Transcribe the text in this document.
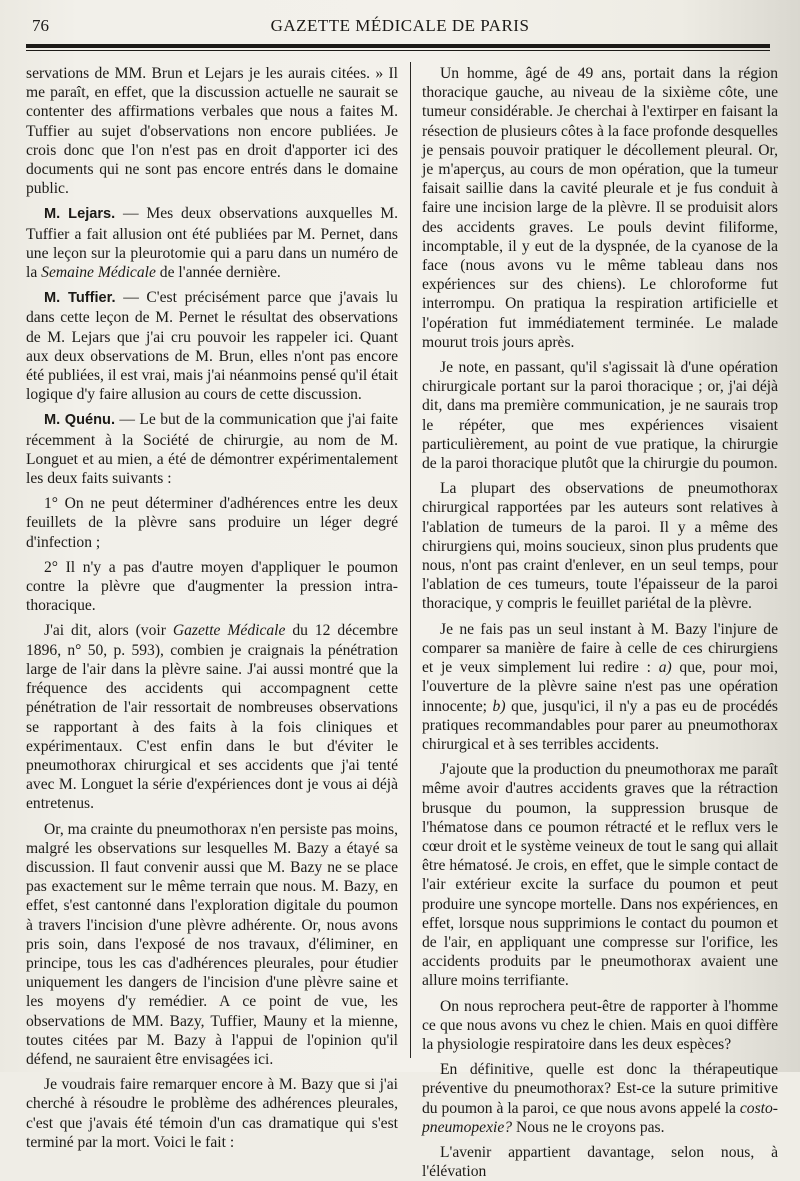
76	GAZETTE MÉDICALE DE PARIS

servations de MM. Brun et Lejars je les aurais citées. » Il me paraît, en effet, que la discussion actuelle ne saurait se contenter des affirmations verbales que nous a faites M. Tuffier au sujet d'observations non encore publiées. Je crois donc que l'on n'est pas en droit d'apporter ici des documents qui ne sont pas encore entrés dans le domaine public.

M. Lejars. — Mes deux observations auxquelles M. Tuffier a fait allusion ont été publiées par M. Pernet, dans une leçon sur la pleurotomie qui a paru dans un numéro de la Semaine Médicale de l'année dernière.

M. Tuffier. — C'est précisément parce que j'avais lu dans cette leçon de M. Pernet le résultat des observations de M. Lejars que j'ai cru pouvoir les rappeler ici. Quant aux deux observations de M. Brun, elles n'ont pas encore été publiées, il est vrai, mais j'ai néanmoins pensé qu'il était logique d'y faire allusion au cours de cette discussion.

M. Quénu. — Le but de la communication que j'ai faite récemment à la Société de chirurgie, au nom de M. Longuet et au mien, a été de démontrer expérimentalement les deux faits suivants :

1° On ne peut déterminer d'adhérences entre les deux feuillets de la plèvre sans produire un léger degré d'infection ;

2° Il n'y a pas d'autre moyen d'appliquer le poumon contre la plèvre que d'augmenter la pression intra-thoracique.

J'ai dit, alors (voir Gazette Médicale du 12 décembre 1896, n° 50, p. 593), combien je craignais la pénétration large de l'air dans la plèvre saine. J'ai aussi montré que la fréquence des accidents qui accompagnent cette pénétration de l'air ressortait de nombreuses observations se rapportant à des faits à la fois cliniques et expérimentaux. C'est enfin dans le but d'éviter le pneumothorax chirurgical et ses accidents que j'ai tenté avec M. Longuet la série d'expériences dont je vous ai déjà entretenus.

Or, ma crainte du pneumothorax n'en persiste pas moins, malgré les observations sur lesquelles M. Bazy a étayé sa discussion. Il faut convenir aussi que M. Bazy ne se place pas exactement sur le même terrain que nous. M. Bazy, en effet, s'est cantonné dans l'exploration digitale du poumon à travers l'incision d'une plèvre adhérente. Or, nous avons pris soin, dans l'exposé de nos travaux, d'éliminer, en principe, tous les cas d'adhérences pleurales, pour étudier uniquement les dangers de l'incision d'une plèvre saine et les moyens d'y remédier. A ce point de vue, les observations de MM. Bazy, Tuffier, Mauny et la mienne, toutes citées par M. Bazy à l'appui de l'opinion qu'il défend, ne sauraient être envisagées ici.

Je voudrais faire remarquer encore à M. Bazy que si j'ai cherché à résoudre le problème des adhérences pleurales, c'est que j'avais été témoin d'un cas dramatique qui s'est terminé par la mort. Voici le fait :

Un homme, âgé de 49 ans, portait dans la région thoracique gauche, au niveau de la sixième côte, une tumeur considérable. Je cherchai à l'extirper en faisant la résection de plusieurs côtes à la face profonde desquelles je pensais pouvoir pratiquer le décollement pleural. Or, je m'aperçus, au cours de mon opération, que la tumeur faisait saillie dans la cavité pleurale et je fus conduit à faire une incision large de la plèvre. Il se produisit alors des accidents graves. Le pouls devint filiforme, incomptable, il y eut de la dyspnée, de la cyanose de la face (nous avons vu le même tableau dans nos expériences sur des chiens). Le chloroforme fut interrompu. On pratiqua la respiration artificielle et l'opération fut immédiatement terminée. Le malade mourut trois jours après.

Je note, en passant, qu'il s'agissait là d'une opération chirurgicale portant sur la paroi thoracique ; or, j'ai déjà dit, dans ma première communication, je ne saurais trop le répéter, que mes expériences visaient particulièrement, au point de vue pratique, la chirurgie de la paroi thoracique plutôt que la chirurgie du poumon.

La plupart des observations de pneumothorax chirurgical rapportées par les auteurs sont relatives à l'ablation de tumeurs de la paroi. Il y a même des chirurgiens qui, moins soucieux, sinon plus prudents que nous, n'ont pas craint d'enlever, en un seul temps, pour l'ablation de ces tumeurs, toute l'épaisseur de la paroi thoracique, y compris le feuillet pariétal de la plèvre.

Je ne fais pas un seul instant à M. Bazy l'injure de comparer sa manière de faire à celle de ces chirurgiens et je veux simplement lui redire : a) que, pour moi, l'ouverture de la plèvre saine n'est pas une opération innocente; b) que, jusqu'ici, il n'y a pas eu de procédés pratiques recommandables pour parer au pneumothorax chirurgical et à ses terribles accidents.

J'ajoute que la production du pneumothorax me paraît même avoir d'autres accidents graves que la rétraction brusque du poumon, la suppression brusque de l'hématose dans ce poumon rétracté et le reflux vers le cœur droit et le système veineux de tout le sang qui allait être hématosé. Je crois, en effet, que le simple contact de l'air extérieur excite la surface du poumon et peut produire une syncope mortelle. Dans nos expériences, en effet, lorsque nous supprimions le contact du poumon et de l'air, en appliquant une compresse sur l'orifice, les accidents produits par le pneumothorax avaient une allure moins terrifiante.

On nous reprochera peut-être de rapporter à l'homme ce que nous avons vu chez le chien. Mais en quoi diffère la physiologie respiratoire dans les deux espèces?

En définitive, quelle est donc la thérapeutique préventive du pneumothorax? Est-ce la suture primitive du poumon à la paroi, ce que nous avons appelé la costo-pneumopexie? Nous ne le croyons pas.

L'avenir appartient davantage, selon nous, à l'élévation
